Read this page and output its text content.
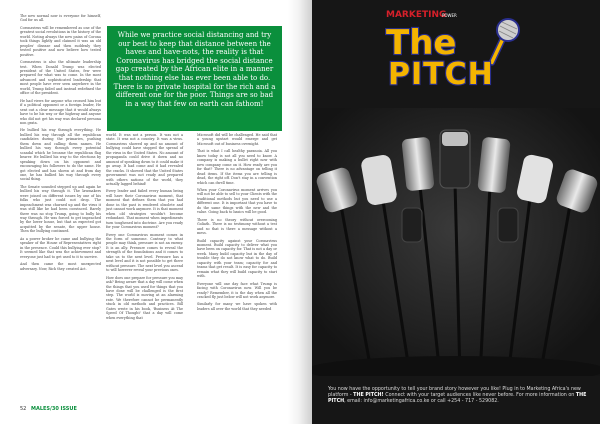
The new normal now is everyone for himself, God for us all.

Coronavirus will be remembered as one of the greatest social revolutions in the history of the world. Noting always the new pains of Corona took things lightly and claimed it was an old peoples' disease and then suddenly they tested positive and now believe how tested positive.

Coronavirus is also the ultimate leadership test. When Donald Trump was elected president of the United States, few were prepared for what was to come. In the most advanced and sophisticated leadership that most people have ever seen anywhere in the world, Trump failed and instead redefined the office of the president.

He had views for anyone who crossed him but if a political opponent or a foreign leader, He sent out a clear message that it would always have to be his way or the highway and anyone who did not get his way was declared persona non grata.

He bullied his way through everything. He bullied his way through all the republican candidates during the primaries, pushing them down and calling them names. He bullied his way through every potential scandal which he became the republican flag bearer. He bullied his way to the elections by speaking down on his opponent and encouraging his followers to do the same. He got elected and has shown at and from day one, he has bullied his way through every social thing.

The Senate sounded stepped up and again he bullied his way through it. The lawmakers were joined on different issues by one of his folks who just could not drop. The impeachment was churned up and the virus it was still like he had been convinced. Rarely there was no stop Trump, going to bully his way through. He was forced to get impeached by the lower house, but that as expected got acquitted by the senate, the upper house. Then the bullying continued.

As a power broker he came and bullying the speaker of the House of Representatives right in the presence. Could this bullying ever stop? It seemed like that was the achievement and everyone just had to get used to it to survive.

And then came the most unexpected adversary. Now, Rich they created Act.

While we practice social distancing and try our best to keep that distance between the haves and have-nots, the reality is that Coronavirus has bridged the social distance gap created by the African elite in a manner that nothing else has ever been able to do. There is no private hospital for the rich and a different one for the poor. Things are so bad in a way that few on earth can fathom!

world. It was not a person. It was not a state. It was not a country. It was a virus. Coronavirus showed up and no amount of bullying could have stopped the spread of the virus in the United States. No amount of propaganda could drive it down and no amount of speaking down to it could make it go away. It had come and it had revealed the cracks. It showed that the United States government was not ready and prepared with others nations of the world, they actually lagged behind!

Every leader and failed every human being will have their Coronavirus moment, that moment that defines them that you had done in the past is rendered obsolete and just cannot work anymore. It is that moment when old strategies wouldn't become redundant. That moment when impediments turn toughened into doctrine. Are you ready for your Coronavirus moment?

Every one Coronavirus moment comes in the form of someone. Contrary to what people may think, pressure is not an enemy. It is an ally. Pressure comes to reveal the strength of the foundations and it comes to take us to the next level. Pressure has a next level and it is not possible to get there without pressure. The next level you ascend to will however reveal your previous ones.

How does one prepare for pressure you may ask? Being aware that a day will come when the things that you used for things that you have done will be challenged is the first step. The world is moving at an alarming rate. We therefore cannot be permanently stuck in old methods and practices. Bill Gates wrote in his book, 'Business At The Speed Of Thought' that a day will come when everything that

Microsoft did will be challenged. He said that a young upstart would emerge and get Microsoft out of business overnight.

That is what I call healthy paranoia. All you know today is not all you need to know. A company is making a bullet right now with new company come on it. How ready are you for that? There is no advantage on telling it dead items. If the items you are telling is dead, the right off. Don't stay in a convention which can dwell time.

When your Coronavirus moment arrives you will not be able to sell to your Clients with the traditional methods but you need to use a different one. It is important that you have to do the same things with the new and the value. Going back to basics will be good.

There is no theory without overcoming Goliath. There is no testimony without a test and so that is there a message without a mess.

Build capacity against your Coronavirus moment. Build capacity to deliver what you have been on capacity for. That is not a day or week. Many build capacity but in the day of trouble they do not know what to do. Build capacity with your team; capacity for and teams that get result. It is easy for capacity to remain what they will build capacity to start with.

Everyone will one day face what Trump is facing with Coronavirus now. Will you be ready? Remember, it is the day when all the cracked fly just below will not work anymore.

Similarly for many we have spoken with leaders all over the world that they needed

52 MALES/30 ISSUE
MARKETING
POWER
The
PITCH

You now have the opportunity to tell your brand story however you like! Plug in to Marketing Africa's new platform - THE PITCH! Connect with your target audiences like never before. For more information on THE PITCH, email: info@marketingafrica.co.ke or call +254 - 717 - 529082.
